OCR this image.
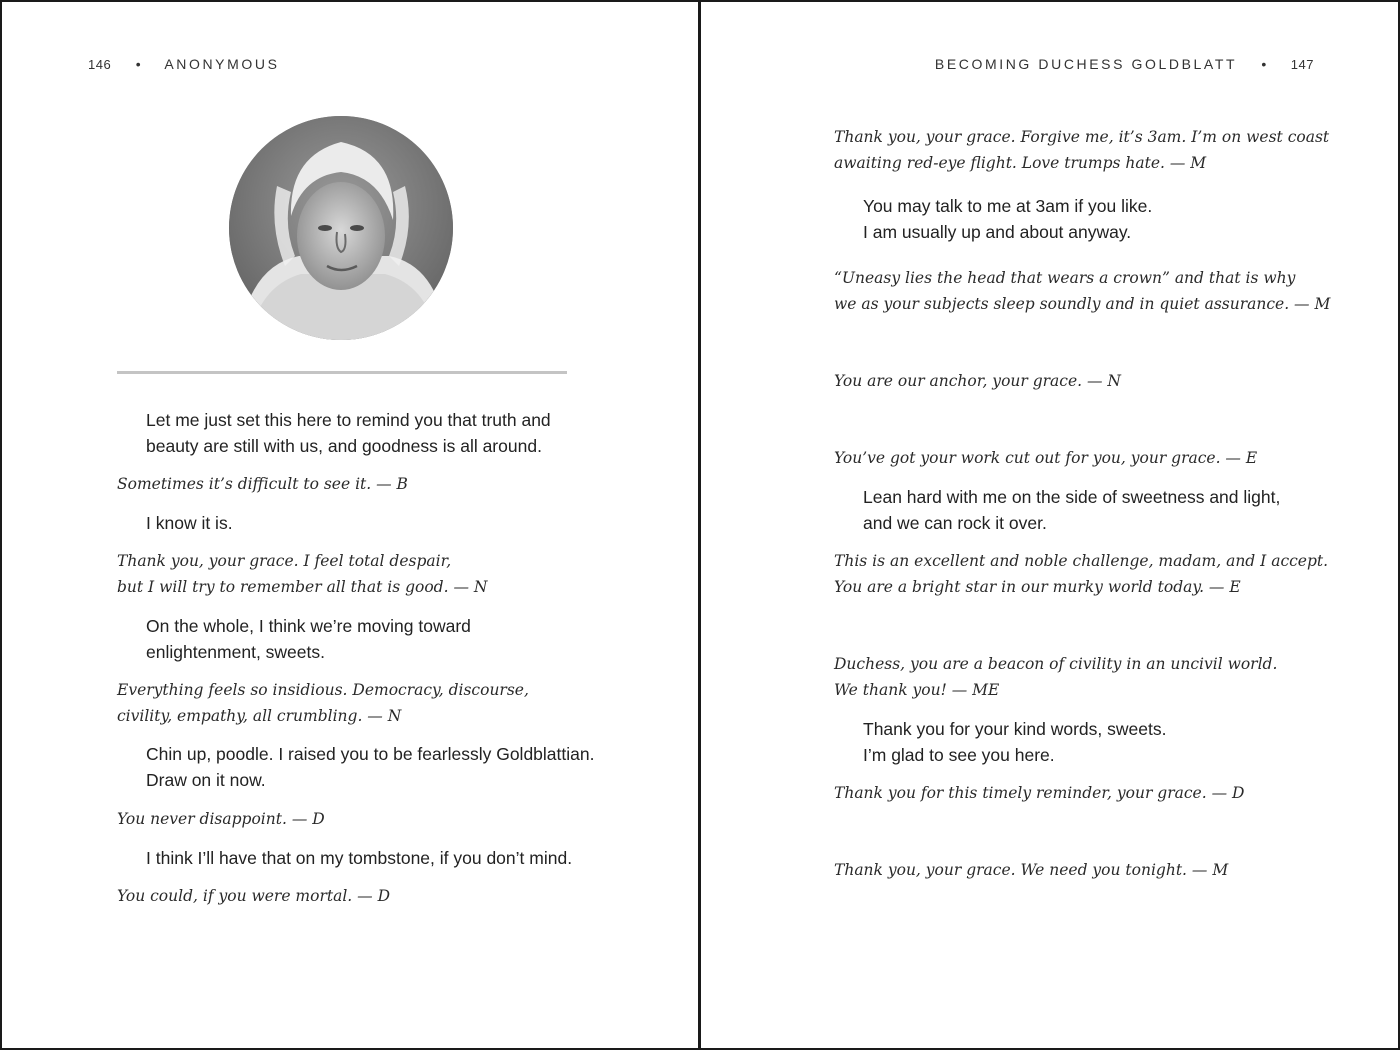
146 • ANONYMOUS
Let me just set this here to remind you that truth and
beauty are still with us, and goodness is all around.
Sometimes it’s difficult to see it. — B
I know it is.
Thank you, your grace. I feel total despair,
but I will try to remember all that is good. — N
On the whole, I think we’re moving toward
enlightenment, sweets.
Everything feels so insidious. Democracy, discourse,
civility, empathy, all crumbling. — N
Chin up, poodle. I raised you to be fearlessly Goldblattian.
Draw on it now.
You never disappoint. — D
I think I’ll have that on my tombstone, if you don’t mind.
You could, if you were mortal. — D
BECOMING DUCHESS GOLDBLATT • 147
Thank you, your grace. Forgive me, it’s 3am. I’m on west coast
awaiting red-eye flight. Love trumps hate. — M
You may talk to me at 3am if you like.
I am usually up and about anyway.
“Uneasy lies the head that wears a crown” and that is why
we as your subjects sleep soundly and in quiet assurance. — M
You are our anchor, your grace. — N
You’ve got your work cut out for you, your grace. — E
Lean hard with me on the side of sweetness and light,
and we can rock it over.
This is an excellent and noble challenge, madam, and I accept.
You are a bright star in our murky world today. — E
Duchess, you are a beacon of civility in an uncivil world.
We thank you! — ME
Thank you for your kind words, sweets.
I’m glad to see you here.
Thank you for this timely reminder, your grace. — D
Thank you, your grace. We need you tonight. — M
